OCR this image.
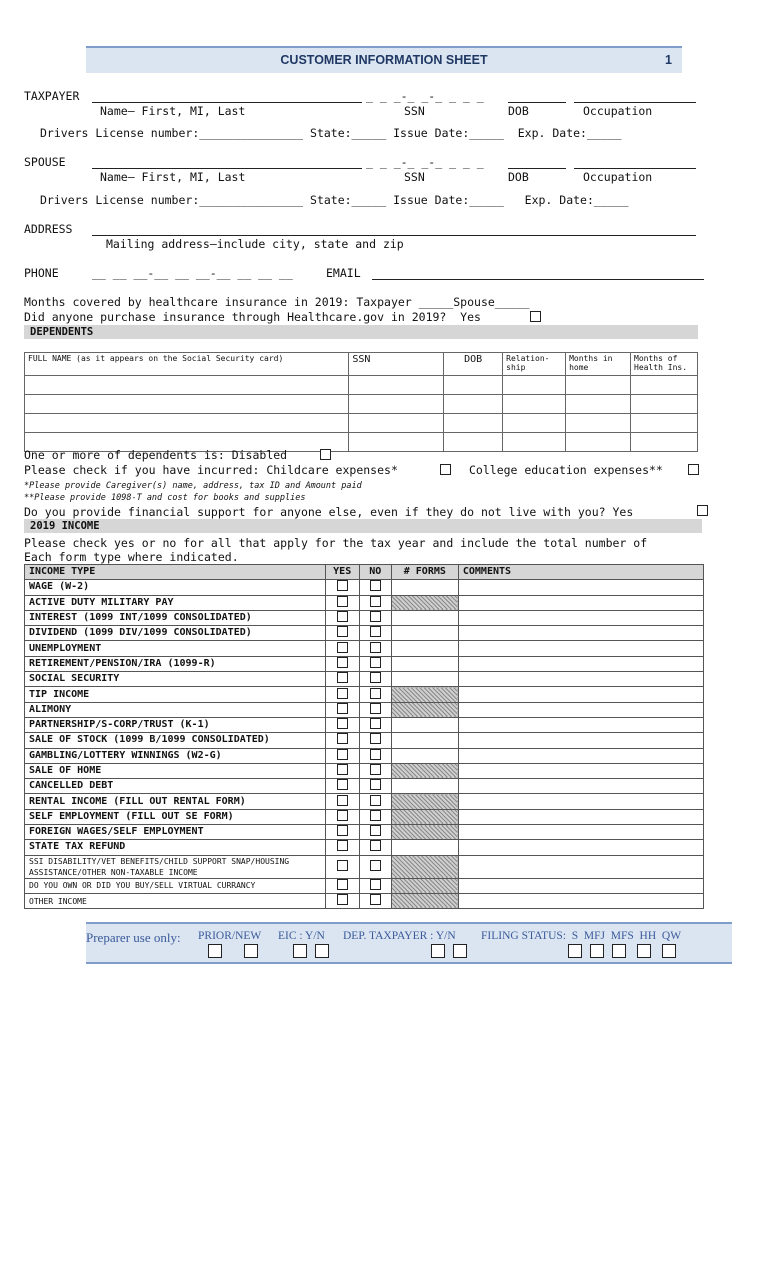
CUSTOMER INFORMATION SHEET

	1

TAXPAYER	_ _ _-_ _-_ _ _ _
Name— First, MI, Last	SSN	DOB	Occupation
Drivers License number:_______________ State:_____ Issue Date:_____  Exp. Date:_____
SPOUSE	_ _ _-_ _-_ _ _ _
Name— First, MI, Last	SSN	DOB	Occupation
Drivers License number:_______________ State:_____ Issue Date:_____   Exp. Date:_____
ADDRESS
Mailing address—include city, state and zip
PHONE	__ __ __-__ __ __-__ __ __ __	EMAIL
Months covered by healthcare insurance in 2019: Taxpayer _____Spouse_____
Did anyone purchase insurance through Healthcare.gov in 2019?  Yes
DEPENDENTS
FULL NAME (as it appears on the Social Security card)	SSN	DOB	Relation-ship	Months in home	Months of Health Ins.

One or more of dependents is: Disabled
Please check if you have incurred: Childcare expenses*	College education expenses**
*Please provide Caregiver(s) name, address, tax ID and Amount paid
**Please provide 1098-T and cost for books and supplies
Do you provide financial support for anyone else, even if they do not live with you? Yes
2019 INCOME
Please check yes or no for all that apply for the tax year and include the total number of
Each form type where indicated.
INCOME TYPE	YES	NO	# FORMS	COMMENTS
WAGE (W-2)				
ACTIVE DUTY MILITARY PAY				
INTEREST (1099 INT/1099 CONSOLIDATED)				
DIVIDEND (1099 DIV/1099 CONSOLIDATED)				
UNEMPLOYMENT				
RETIREMENT/PENSION/IRA (1099-R)				
SOCIAL SECURITY				
TIP INCOME				
ALIMONY				
PARTNERSHIP/S-CORP/TRUST (K-1)				
SALE OF STOCK (1099 B/1099 CONSOLIDATED)				
GAMBLING/LOTTERY WINNINGS (W2-G)				
SALE OF HOME				
CANCELLED DEBT				
RENTAL INCOME (FILL OUT RENTAL FORM)				
SELF EMPLOYMENT (FILL OUT SE FORM)				
FOREIGN WAGES/SELF EMPLOYMENT				
STATE TAX REFUND				
SSI DISABILITY/VET BENEFITS/CHILD SUPPORT SNAP/HOUSING ASSISTANCE/OTHER NON-TAXABLE INCOME				
DO YOU OWN OR DID YOU BUY/SELL VIRTUAL CURRANCY				
OTHER INCOME				

Preparer use only:

PRIOR/NEW

EIC : Y/N

DEP. TAXPAYER : Y/N

FILING STATUS:  S  MFJ  MFS  HH  QW
